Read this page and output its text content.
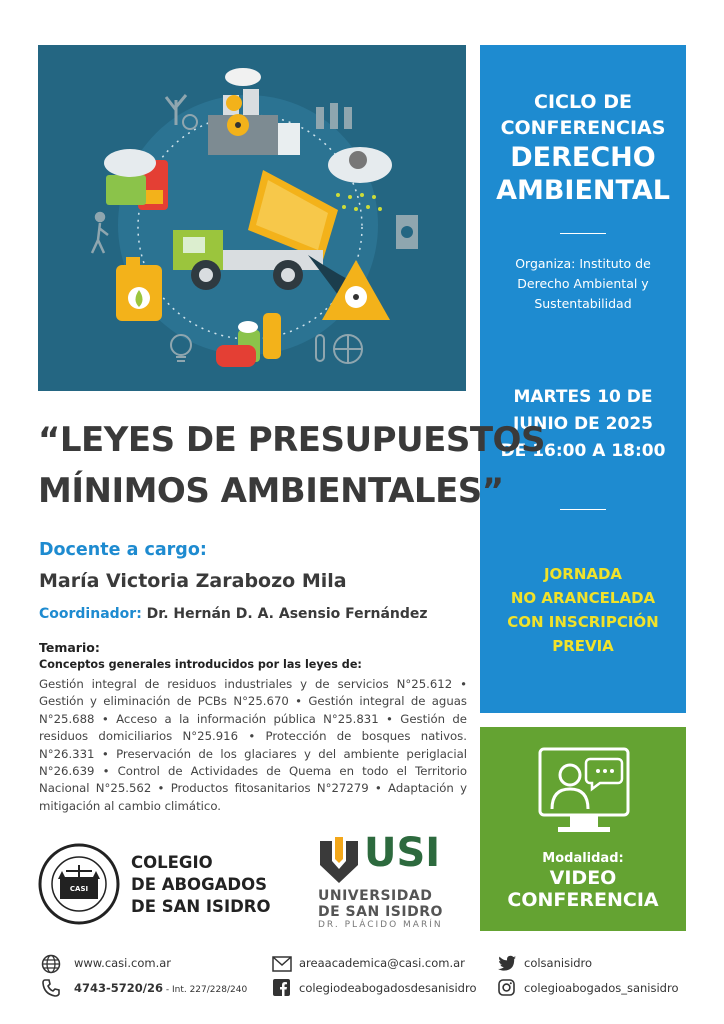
CICLO DE
CONFERENCIAS
DERECHO
AMBIENTAL
Organiza: Instituto de
Derecho Ambiental y
Sustentabilidad
MARTES 10 DE
JUNIO DE 2025
DE 16:00 A 18:00
JORNADA
NO ARANCELADA
CON INSCRIPCIÓN
PREVIA
Modalidad:
VIDEO
CONFERENCIA
“LEYES DE PRESUPUESTOS
MÍNIMOS AMBIENTALES”
Docente a cargo:
María Victoria Zarabozo Mila
Coordinador: Dr. Hernán D. A. Asensio Fernández
Temario:
Conceptos generales introducidos por las leyes de:
Gestión integral de residuos industriales y de servicios N°25.612 • Gestión y eliminación de PCBs N°25.670 • Gestión integral de aguas N°25.688 • Acceso a la información pública N°25.831 • Gestión de residuos domiciliarios N°25.916 • Protección de bosques nativos. N°26.331 • Preservación de los glaciares y del ambiente periglacial N°26.639 • Control de Actividades de Quema en todo el Territorio Nacional N°25.562 • Productos fitosanitarios N°27279 • Adaptación y mitigación al cambio climático.
CASI
COLEGIO
DE ABOGADOS
DE SAN ISIDRO
USI
UNIVERSIDAD
DE SAN ISIDRO
DR. PLÁCIDO MARÍN
www.casi.com.ar
4743-5720/26 - Int. 227/228/240
areaacademica@casi.com.ar
colegiodeabogadosdesanisidro
colsanisidro
colegioabogados_sanisidro
